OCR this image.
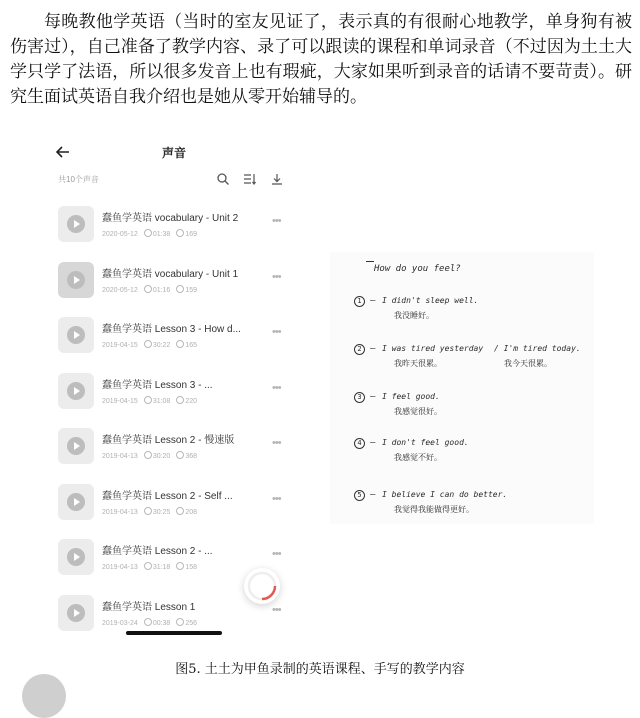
每晚教他学英语（当时的室友见证了，表示真的有很耐心地教学，单身狗有被伤害过），自己准备了教学内容、录了可以跟读的课程和单词录音（不过因为土土大学只学了法语，所以很多发音上也有瑕疵，大家如果听到录音的话请不要苛责）。研究生面试英语自我介绍也是她从零开始辅导的。

声音
共10个声音
蠢鱼学英语 vocabulary - Unit 2
2020-05-12 01:38 169
•••
蠢鱼学英语 vocabulary - Unit 1
2020-05-12 01:16 159
•••
蠢鱼学英语 Lesson 3 - How d...
2019-04-15 30:22 165
•••
蠢鱼学英语 Lesson 3 - ...
2019-04-15 31:08 220
•••
蠢鱼学英语 Lesson 2 - 慢速版
2019-04-13 30:20 368
•••
蠢鱼学英语 Lesson 2 - Self ...
2019-04-13 30:25 208
•••
蠢鱼学英语 Lesson 2 - ...
2019-04-13 31:18 158
•••
蠢鱼学英语 Lesson 1
2019-03-24 00:38 256
•••
How do you feel?
1 – I didn't sleep well.
我没睡好。
2 – I was tired yesterday / I'm tired today.
我昨天很累。	我今天很累。
3 – I feel good.
我感觉很好。
4 – I don't feel good.
我感觉不好。
5 – I believe I can do better.
我觉得我能做得更好。
图5. 土土为甲鱼录制的英语课程、手写的教学内容
